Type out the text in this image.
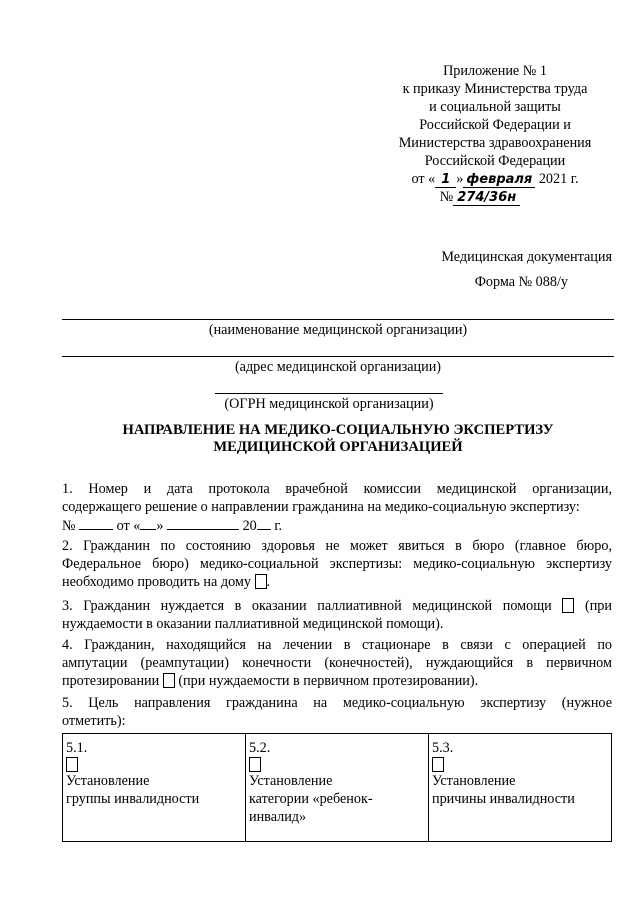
Приложение № 1
к приказу Министерства труда
и социальной защиты
Российской Федерации и
Министерства здравоохранения
Российской Федерации
от « 1 » февраля 2021 г.
№ 274/36н
Медицинская документация
Форма № 088/у
(наименование медицинской организации)
(адрес медицинской организации)
(ОГРН медицинской организации)
НАПРАВЛЕНИЕ НА МЕДИКО-СОЦИАЛЬНУЮ ЭКСПЕРТИЗУ
МЕДИЦИНСКОЙ ОРГАНИЗАЦИЕЙ
1. Номер и дата протокола врачебной комиссии медицинской организации,
содержащего решение о направлении гражданина на медико-социальную экспертизу:
№	от « »	20 г.
2. Гражданин по состоянию здоровья не может явиться в бюро (главное бюро,
Федеральное бюро) медико-социальной экспертизы: медико-социальную экспертизу
необходимо проводить на дому .
3. Гражданин нуждается в оказании паллиативной медицинской помощи (при
нуждаемости в оказании паллиативной медицинской помощи).
4. Гражданин, находящийся на лечении в стационаре в связи с операцией по
ампутации (реампутации) конечности (конечностей), нуждающийся в первичном
протезировании (при нуждаемости в первичном протезировании).
5. Цель направления гражданина на медико-социальную экспертизу (нужное
отметить):
5.1.
Установление
группы инвалидности

5.2.
Установление
категории «ребенок-
инвалид»

5.3.
Установление
причины инвалидности
